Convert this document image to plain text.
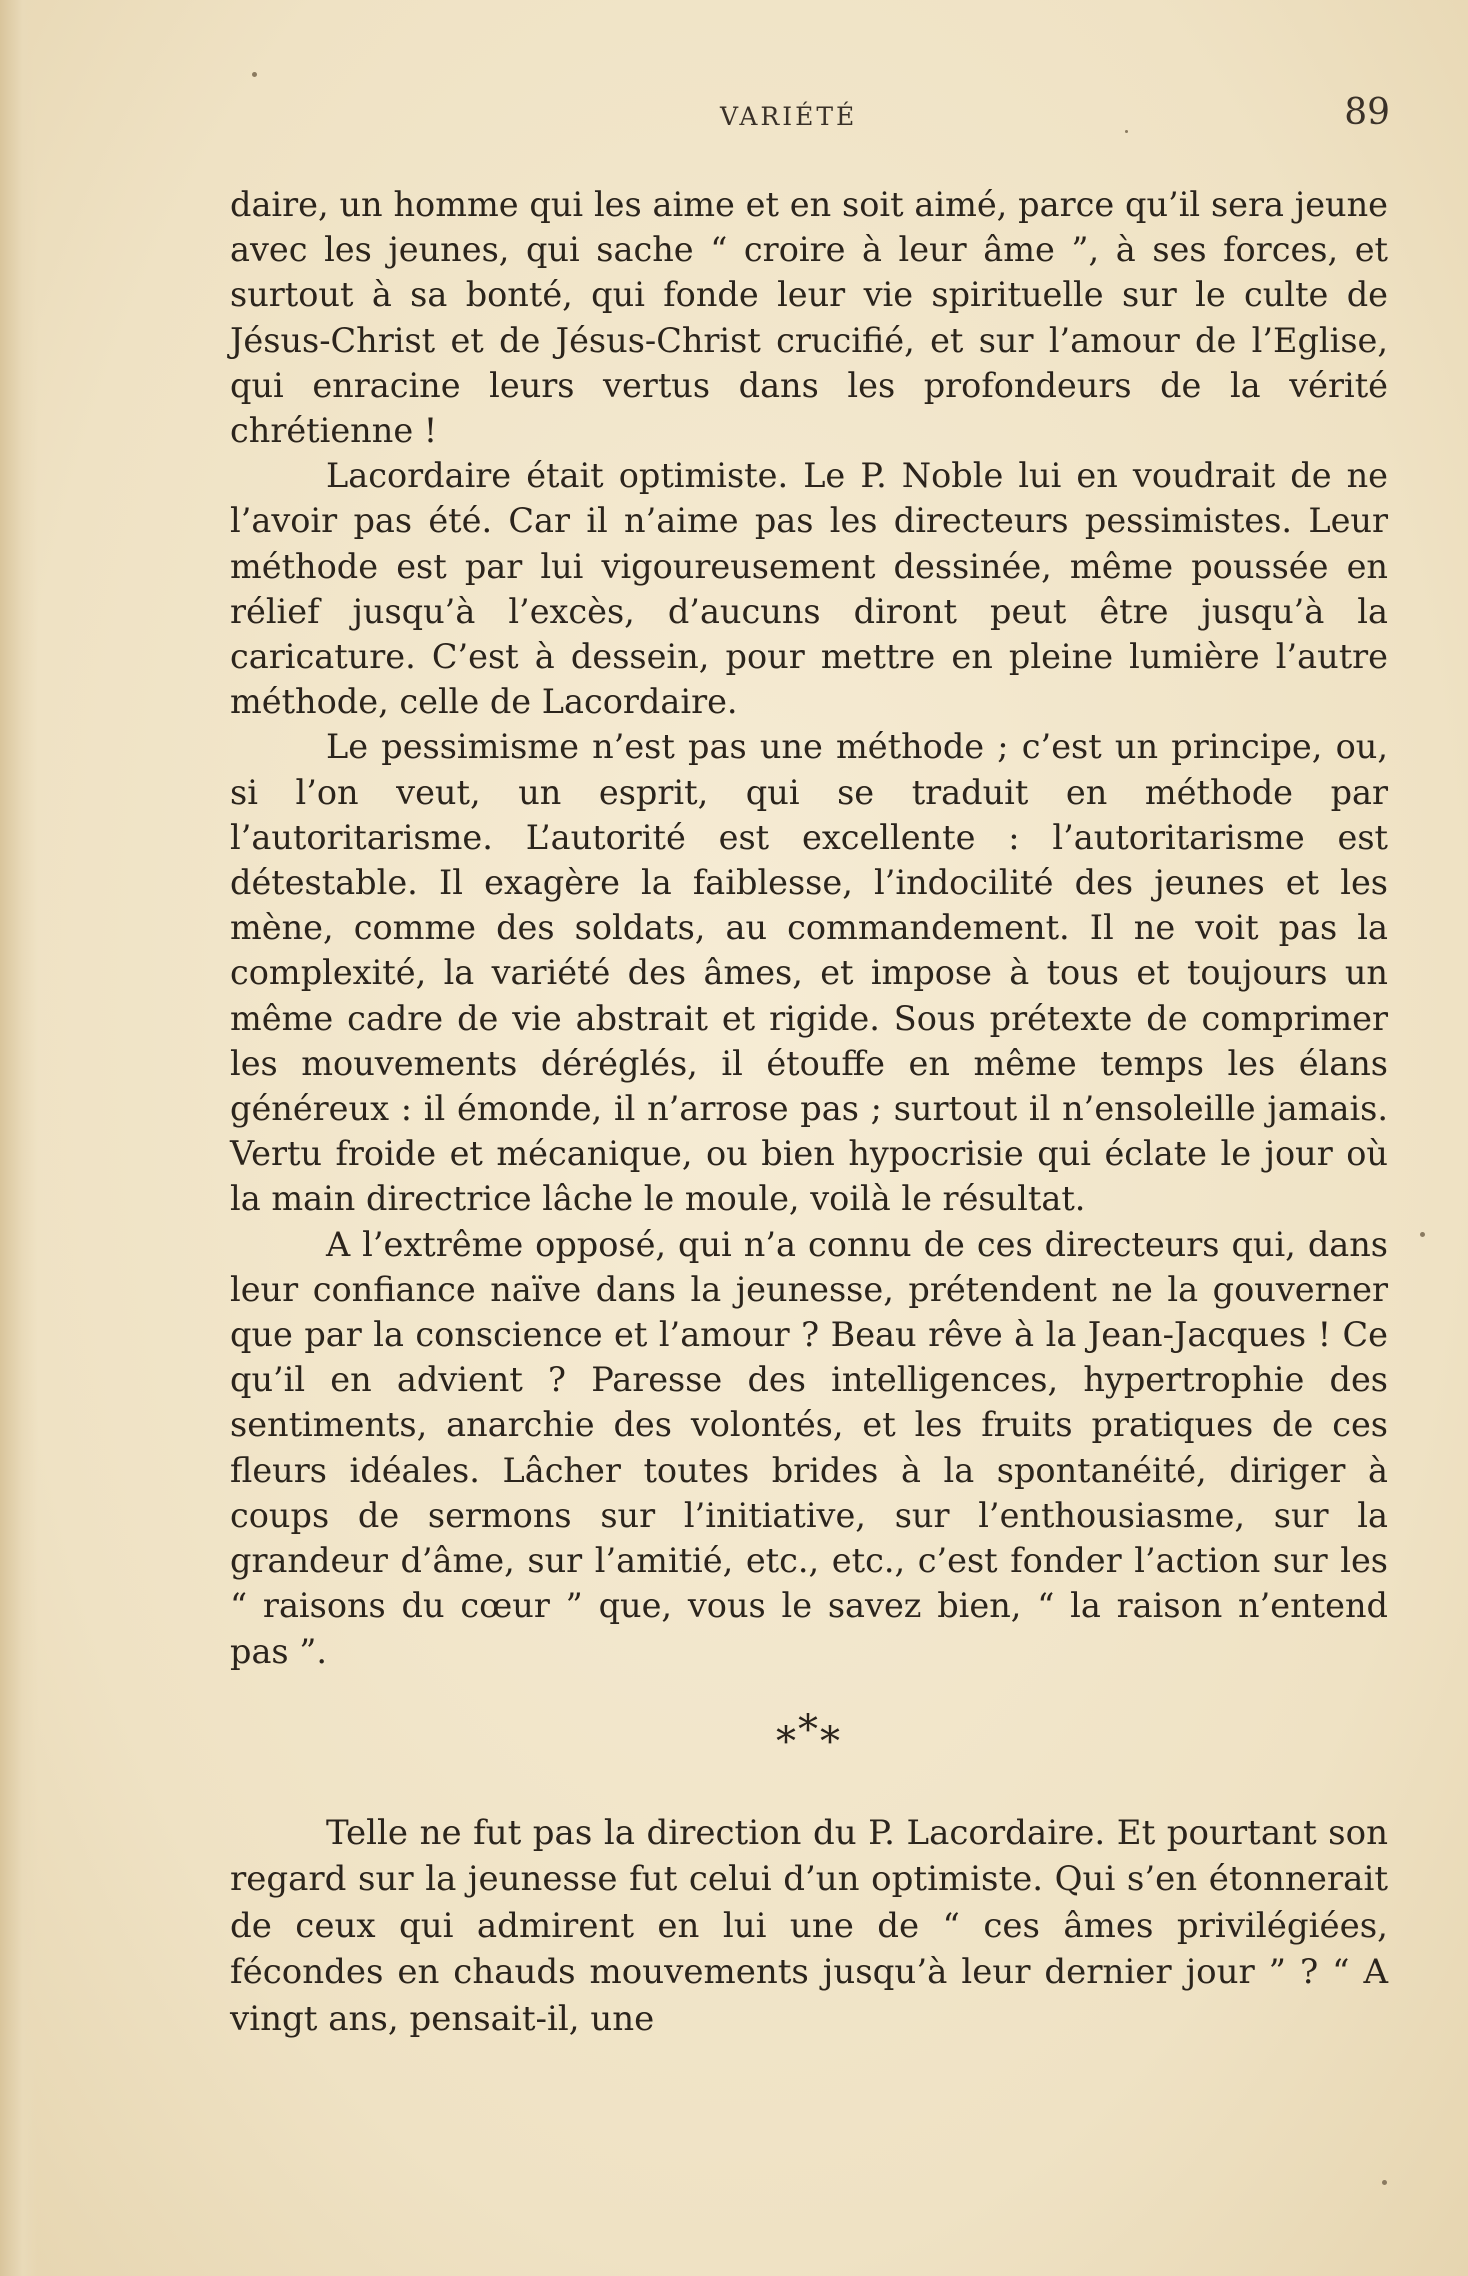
VARIÉTÉ	89

daire, un homme qui les aime et en soit aimé, parce qu’il sera jeune avec les jeunes, qui sache “ croire à leur âme ”, à ses forces, et surtout à sa bonté, qui fonde leur vie spirituelle sur le culte de Jésus-Christ et de Jésus-Christ crucifié, et sur l’amour de l’Eglise, qui enracine leurs vertus dans les profondeurs de la vérité chrétienne !

Lacordaire était optimiste. Le P. Noble lui en voudrait de ne l’avoir pas été. Car il n’aime pas les directeurs pessimistes. Leur méthode est par lui vigoureusement dessinée, même poussée en rélief jusqu’à l’excès, d’aucuns diront peut être jusqu’à la caricature. C’est à dessein, pour mettre en pleine lumière l’autre méthode, celle de Lacordaire.

Le pessimisme n’est pas une méthode ; c’est un principe, ou, si l’on veut, un esprit, qui se traduit en méthode par l’autoritarisme. L’autorité est excellente : l’autoritarisme est détestable. Il exagère la faiblesse, l’indocilité des jeunes et les mène, comme des soldats, au commandement. Il ne voit pas la complexité, la variété des âmes, et impose à tous et toujours un même cadre de vie abstrait et rigide. Sous prétexte de comprimer les mouvements déréglés, il étouffe en même temps les élans généreux : il émonde, il n’arrose pas ; surtout il n’ensoleille jamais. Vertu froide et mécanique, ou bien hypocrisie qui éclate le jour où la main directrice lâche le moule, voilà le résultat.

A l’extrême opposé, qui n’a connu de ces directeurs qui, dans leur confiance naïve dans la jeunesse, prétendent ne la gouverner que par la conscience et l’amour ? Beau rêve à la Jean-Jacques ! Ce qu’il en advient ? Paresse des intelligences, hypertrophie des sentiments, anarchie des volontés, et les fruits pratiques de ces fleurs idéales. Lâcher toutes brides à la spontanéité, diriger à coups de sermons sur l’initiative, sur l’enthousiasme, sur la grandeur d’âme, sur l’amitié, etc., etc., c’est fonder l’action sur les “ raisons du cœur ” que, vous le savez bien, “ la raison n’entend pas ”.

* * *

Telle ne fut pas la direction du P. Lacordaire. Et pourtant son regard sur la jeunesse fut celui d’un optimiste. Qui s’en étonnerait de ceux qui admirent en lui une de “ ces âmes privilégiées, fécondes en chauds mouvements jusqu’à leur dernier jour ” ? “ A vingt ans, pensait-il, une
